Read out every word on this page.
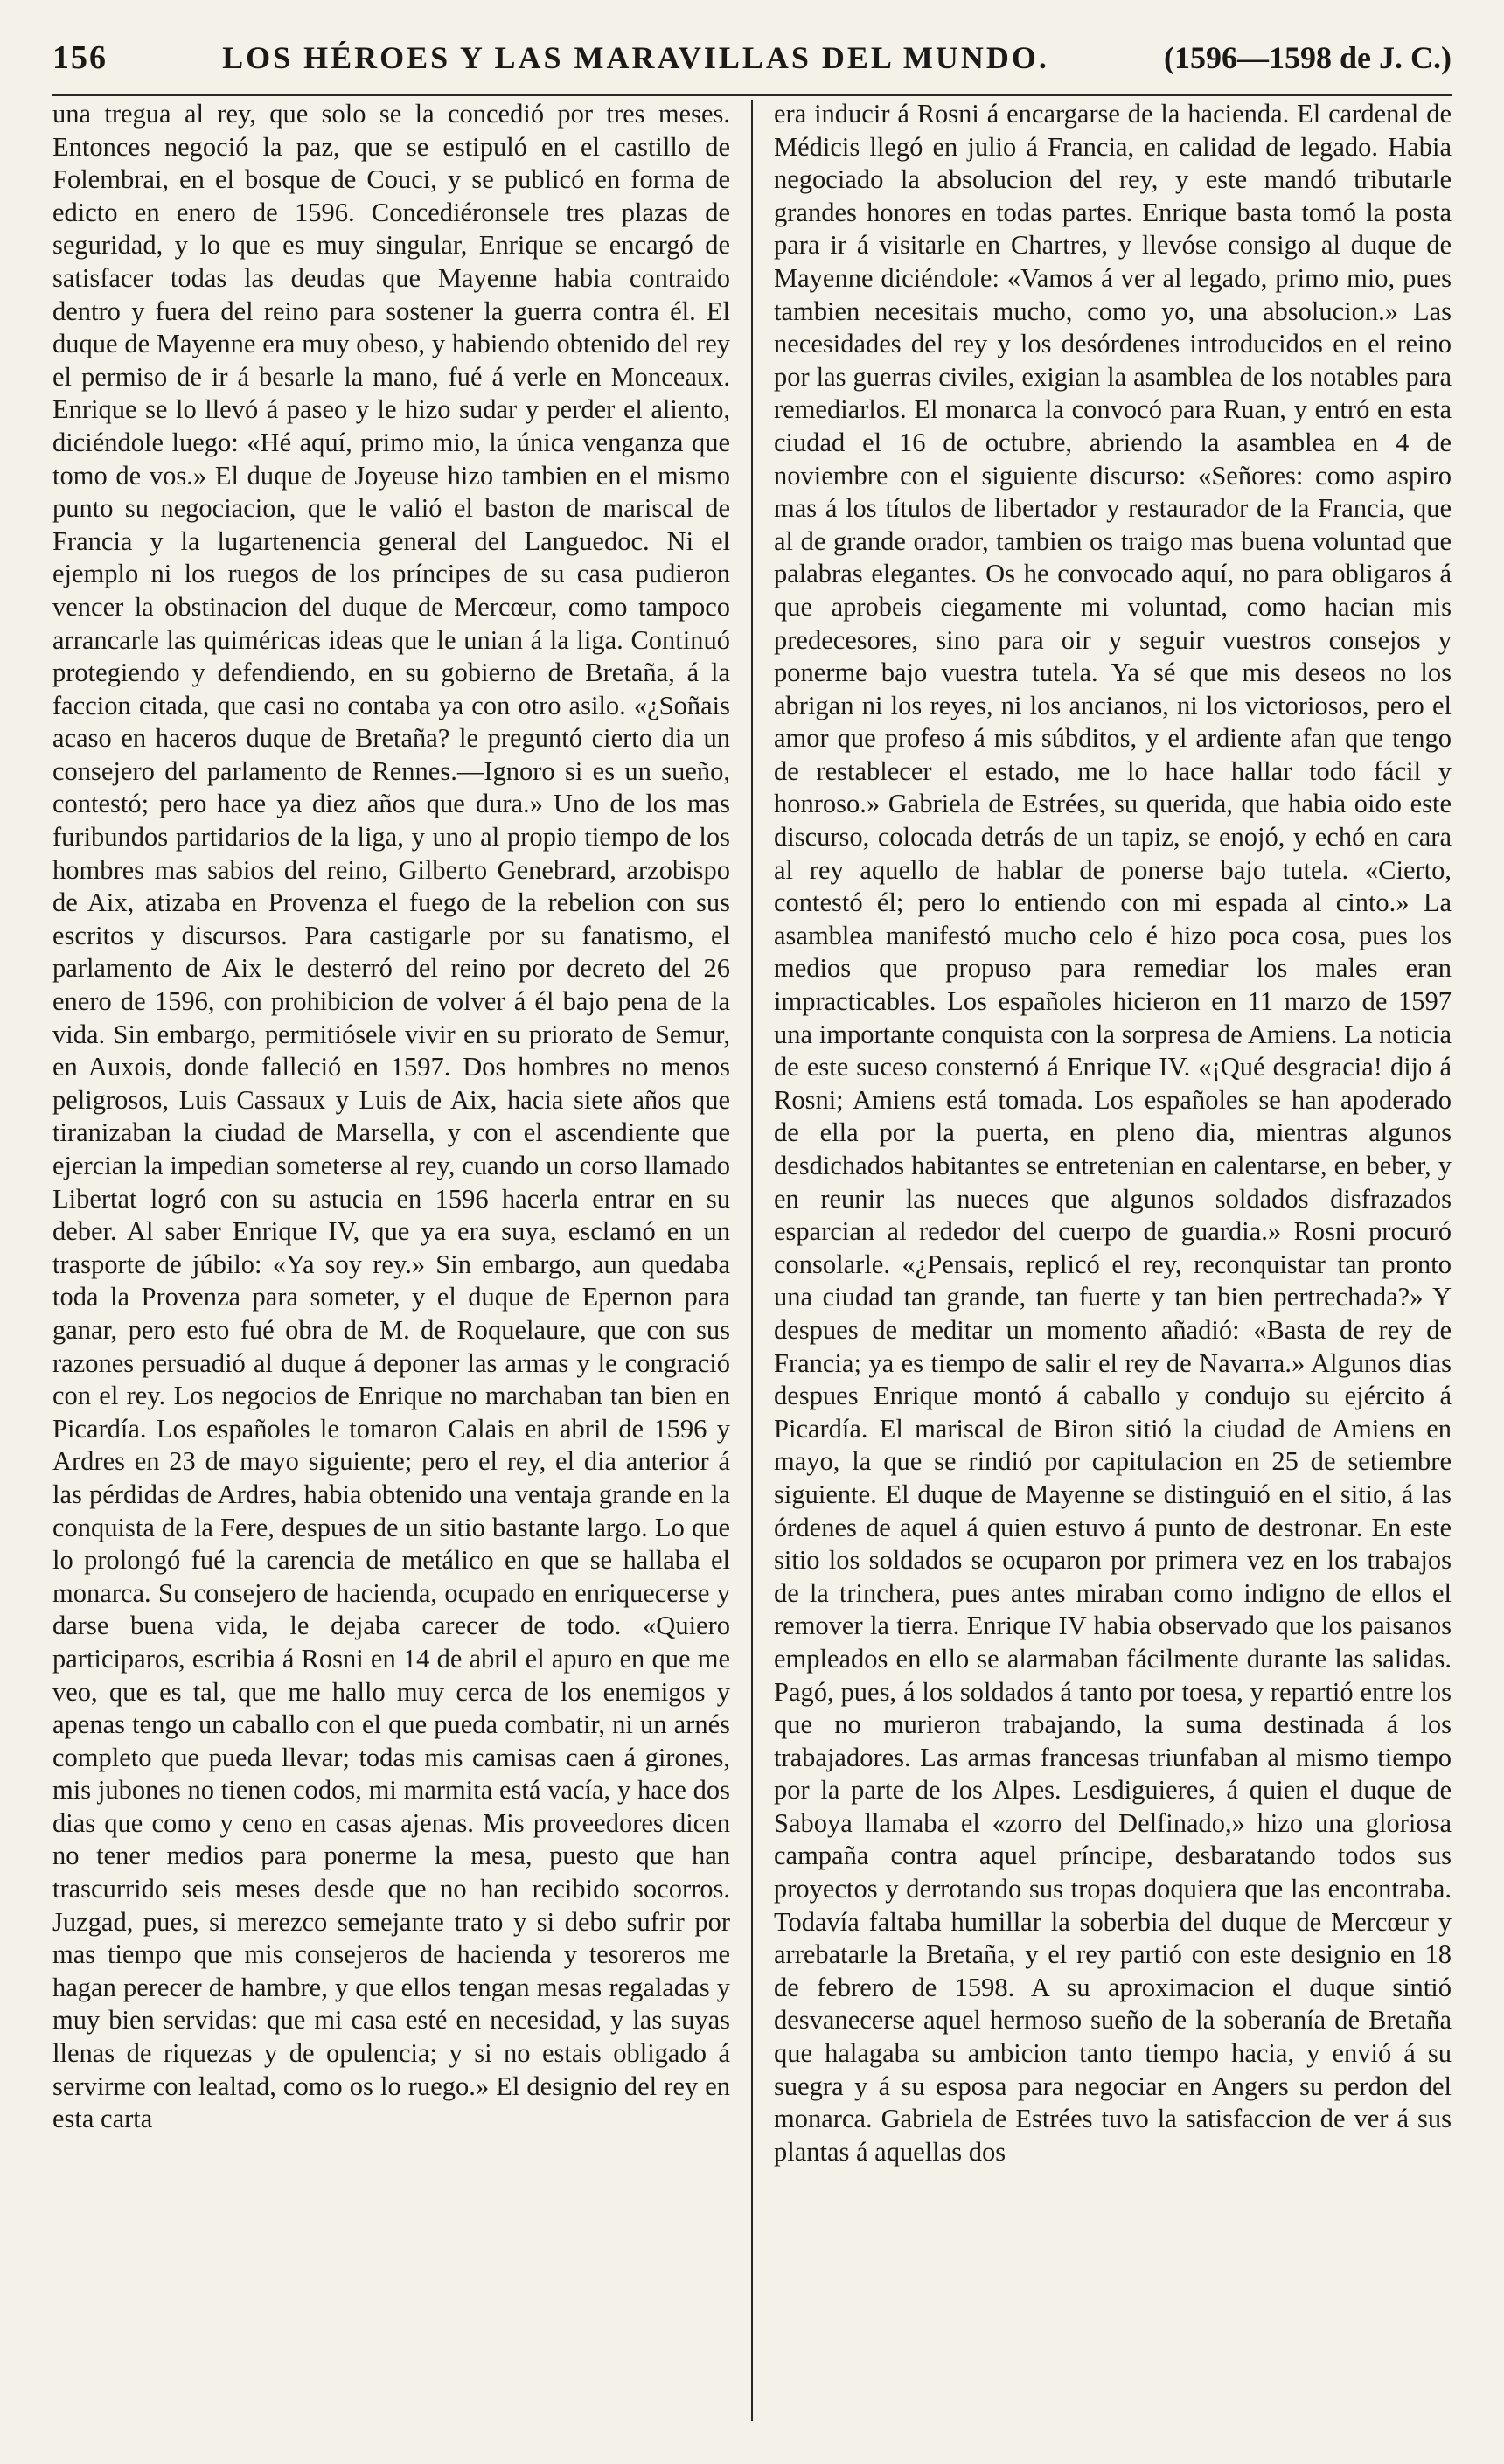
156	LOS HÉROES Y LAS MARAVILLAS DEL MUNDO.	(1596—1598 de J. C.)

una tregua al rey, que solo se la concedió por tres meses. Entonces negoció la paz, que se estipuló en el castillo de Folembrai, en el bosque de Couci, y se publicó en forma de edicto en enero de 1596. Concediéronsele tres plazas de seguridad, y lo que es muy singular, Enrique se encargó de satisfacer todas las deudas que Mayenne habia contraido dentro y fuera del reino para sostener la guerra contra él. El duque de Mayenne era muy obeso, y habiendo obtenido del rey el permiso de ir á besarle la mano, fué á verle en Monceaux. Enrique se lo llevó á paseo y le hizo sudar y perder el aliento, diciéndole luego: «Hé aquí, primo mio, la única venganza que tomo de vos.» El duque de Joyeuse hizo tambien en el mismo punto su negociacion, que le valió el baston de mariscal de Francia y la lugartenencia general del Languedoc. Ni el ejemplo ni los ruegos de los príncipes de su casa pudieron vencer la obstinacion del duque de Mercœur, como tampoco arrancarle las quiméricas ideas que le unian á la liga. Continuó protegiendo y defendiendo, en su gobierno de Bretaña, á la faccion citada, que casi no contaba ya con otro asilo. «¿Soñais acaso en haceros duque de Bretaña? le preguntó cierto dia un consejero del parlamento de Rennes.—Ignoro si es un sueño, contestó; pero hace ya diez años que dura.» Uno de los mas furibundos partidarios de la liga, y uno al propio tiempo de los hombres mas sabios del reino, Gilberto Genebrard, arzobispo de Aix, atizaba en Provenza el fuego de la rebelion con sus escritos y discursos. Para castigarle por su fanatismo, el parlamento de Aix le desterró del reino por decreto del 26 enero de 1596, con prohibicion de volver á él bajo pena de la vida. Sin embargo, permitiósele vivir en su priorato de Semur, en Auxois, donde falleció en 1597. Dos hombres no menos peligrosos, Luis Cassaux y Luis de Aix, hacia siete años que tiranizaban la ciudad de Marsella, y con el ascendiente que ejercian la impedian someterse al rey, cuando un corso llamado Libertat logró con su astucia en 1596 hacerla entrar en su deber. Al saber Enrique IV, que ya era suya, esclamó en un trasporte de júbilo: «Ya soy rey.» Sin embargo, aun quedaba toda la Provenza para someter, y el duque de Epernon para ganar, pero esto fué obra de M. de Roquelaure, que con sus razones persuadió al duque á deponer las armas y le congració con el rey. Los negocios de Enrique no marchaban tan bien en Picardía. Los españoles le tomaron Calais en abril de 1596 y Ardres en 23 de mayo siguiente; pero el rey, el dia anterior á las pérdidas de Ardres, habia obtenido una ventaja grande en la conquista de la Fere, despues de un sitio bastante largo. Lo que lo prolongó fué la carencia de metálico en que se hallaba el monarca. Su consejero de hacienda, ocupado en enriquecerse y darse buena vida, le dejaba carecer de todo. «Quiero participaros, escribia á Rosni en 14 de abril el apuro en que me veo, que es tal, que me hallo muy cerca de los enemigos y apenas tengo un caballo con el que pueda combatir, ni un arnés completo que pueda llevar; todas mis camisas caen á girones, mis jubones no tienen codos, mi marmita está vacía, y hace dos dias que como y ceno en casas ajenas. Mis proveedores dicen no tener medios para ponerme la mesa, puesto que han trascurrido seis meses desde que no han recibido socorros. Juzgad, pues, si merezco semejante trato y si debo sufrir por mas tiempo que mis consejeros de hacienda y tesoreros me hagan perecer de hambre, y que ellos tengan mesas regaladas y muy bien servidas: que mi casa esté en necesidad, y las suyas llenas de riquezas y de opulencia; y si no estais obligado á servirme con lealtad, como os lo ruego.» El designio del rey en esta carta

era inducir á Rosni á encargarse de la hacienda. El cardenal de Médicis llegó en julio á Francia, en calidad de legado. Habia negociado la absolucion del rey, y este mandó tributarle grandes honores en todas partes. Enrique basta tomó la posta para ir á visitarle en Chartres, y llevóse consigo al duque de Mayenne diciéndole: «Vamos á ver al legado, primo mio, pues tambien necesitais mucho, como yo, una absolucion.» Las necesidades del rey y los desórdenes introducidos en el reino por las guerras civiles, exigian la asamblea de los notables para remediarlos. El monarca la convocó para Ruan, y entró en esta ciudad el 16 de octubre, abriendo la asamblea en 4 de noviembre con el siguiente discurso: «Señores: como aspiro mas á los títulos de libertador y restaurador de la Francia, que al de grande orador, tambien os traigo mas buena voluntad que palabras elegantes. Os he convocado aquí, no para obligaros á que aprobeis ciegamente mi voluntad, como hacian mis predecesores, sino para oir y seguir vuestros consejos y ponerme bajo vuestra tutela. Ya sé que mis deseos no los abrigan ni los reyes, ni los ancianos, ni los victoriosos, pero el amor que profeso á mis súbditos, y el ardiente afan que tengo de restablecer el estado, me lo hace hallar todo fácil y honroso.» Gabriela de Estrées, su querida, que habia oido este discurso, colocada detrás de un tapiz, se enojó, y echó en cara al rey aquello de hablar de ponerse bajo tutela. «Cierto, contestó él; pero lo entiendo con mi espada al cinto.» La asamblea manifestó mucho celo é hizo poca cosa, pues los medios que propuso para remediar los males eran impracticables. Los españoles hicieron en 11 marzo de 1597 una importante conquista con la sorpresa de Amiens. La noticia de este suceso consternó á Enrique IV. «¡Qué desgracia! dijo á Rosni; Amiens está tomada. Los españoles se han apoderado de ella por la puerta, en pleno dia, mientras algunos desdichados habitantes se entretenian en calentarse, en beber, y en reunir las nueces que algunos soldados disfrazados esparcian al rededor del cuerpo de guardia.» Rosni procuró consolarle. «¿Pensais, replicó el rey, reconquistar tan pronto una ciudad tan grande, tan fuerte y tan bien pertrechada?» Y despues de meditar un momento añadió: «Basta de rey de Francia; ya es tiempo de salir el rey de Navarra.» Algunos dias despues Enrique montó á caballo y condujo su ejército á Picardía. El mariscal de Biron sitió la ciudad de Amiens en mayo, la que se rindió por capitulacion en 25 de setiembre siguiente. El duque de Mayenne se distinguió en el sitio, á las órdenes de aquel á quien estuvo á punto de destronar. En este sitio los soldados se ocuparon por primera vez en los trabajos de la trinchera, pues antes miraban como indigno de ellos el remover la tierra. Enrique IV habia observado que los paisanos empleados en ello se alarmaban fácilmente durante las salidas. Pagó, pues, á los soldados á tanto por toesa, y repartió entre los que no murieron trabajando, la suma destinada á los trabajadores. Las armas francesas triunfaban al mismo tiempo por la parte de los Alpes. Lesdiguieres, á quien el duque de Saboya llamaba el «zorro del Delfinado,» hizo una gloriosa campaña contra aquel príncipe, desbaratando todos sus proyectos y derrotando sus tropas doquiera que las encontraba. Todavía faltaba humillar la soberbia del duque de Mercœur y arrebatarle la Bretaña, y el rey partió con este designio en 18 de febrero de 1598. A su aproximacion el duque sintió desvanecerse aquel hermoso sueño de la soberanía de Bretaña que halagaba su ambicion tanto tiempo hacia, y envió á su suegra y á su esposa para negociar en Angers su perdon del monarca. Gabriela de Estrées tuvo la satisfaccion de ver á sus plantas á aquellas dos
